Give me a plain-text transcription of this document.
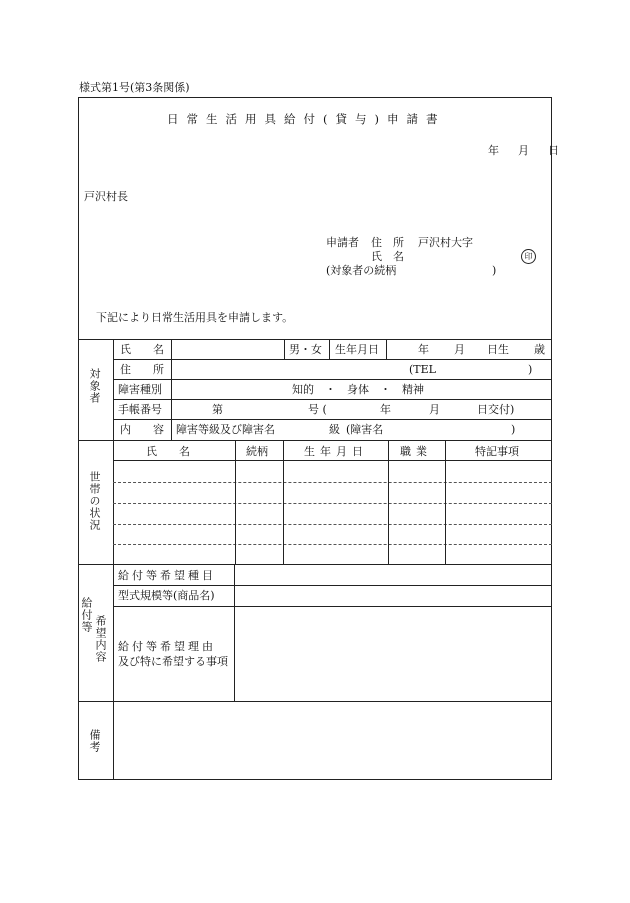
様式第1号(第3条関係)
日常生活用具給付(貸与)申請書
年　月　日
戸沢村長
申請者 住　所 戸沢村大字
氏　名	印
(対象者の続柄	)
下記により日常生活用具を申請します。
対象者
氏　　名	男・女 生年月日	年 月 日生 歳
住　　所	(TEL	)
障害種別	知的　・　身体　・　精神
手帳番号	第	号 (	年	月	日交付)
内　　容 障害等級及び障害名	級 (障害名	)
世帯の状況
氏　　名	続柄	生年月日	職業	特記事項
給付等 希望内容
給付等希望種目
型式規模等(商品名)
給付等希望理由
及び特に希望する事項
備考
